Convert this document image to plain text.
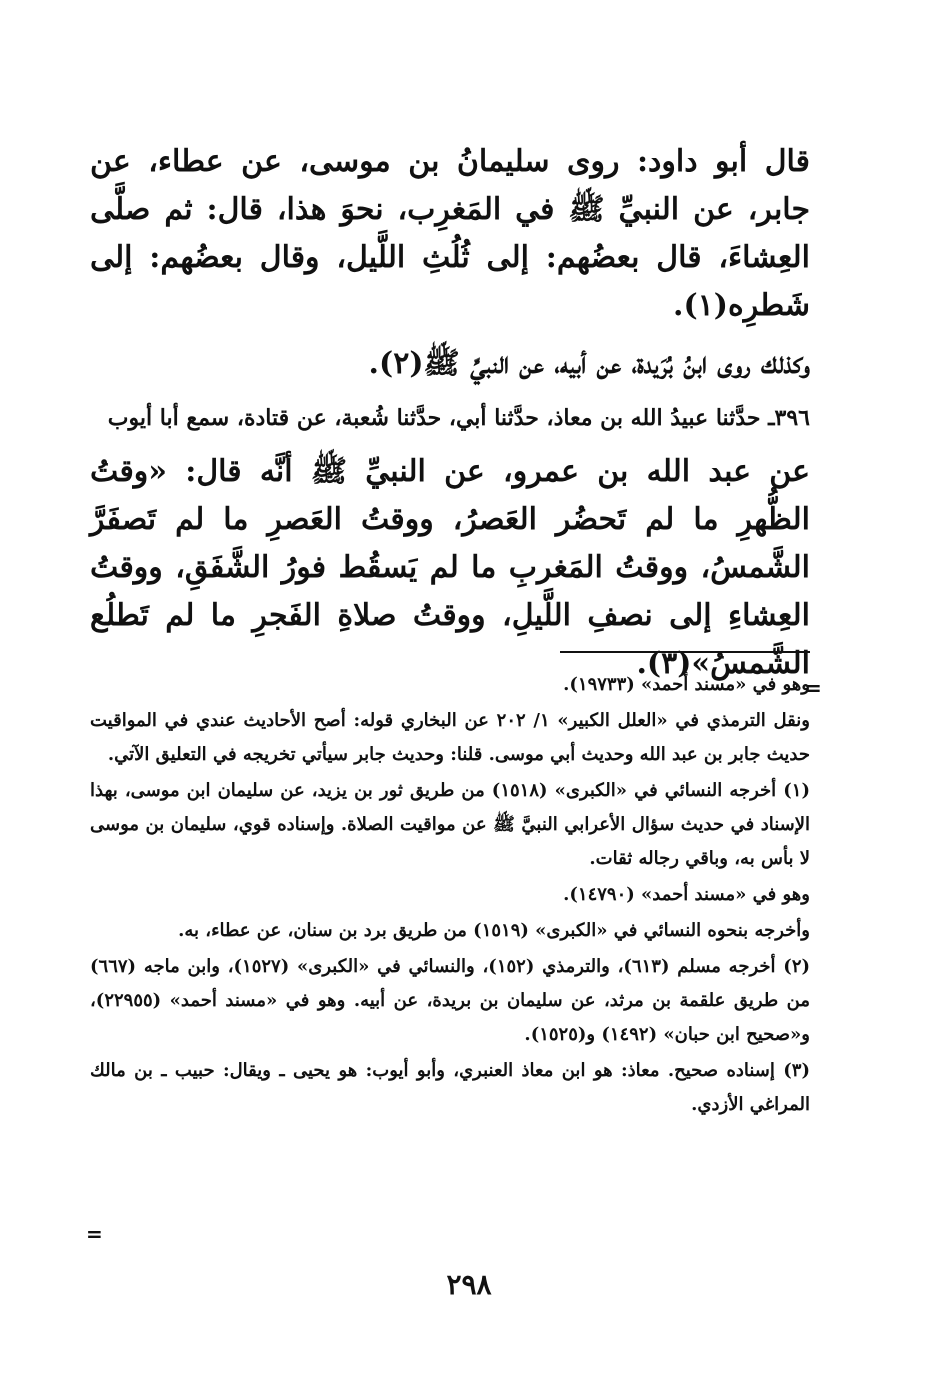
قال أبو داود: روى سليمانُ بن موسى، عن عطاء، عن جابر، عن النبيِّ ﷺ في المَغرِب، نحوَ هذا، قال: ثم صلَّى العِشاءَ، قال بعضُهم: إلى ثُلُثِ اللَّيل، وقال بعضُهم: إلى شَطرِه(١).

وكذلك روى ابنُ بُرَيدة، عن أبيه، عن النبيِّ ﷺ(٢).

٣٩٦ـ حدَّثنا عبيدُ الله بن معاذ، حدَّثنا أبي، حدَّثنا شُعبة، عن قتادة، سمع أبا أيوب

عن عبد الله بن عمرو، عن النبيِّ ﷺ أنَّه قال: «وقتُ الظُّهرِ ما لم تَحضُر العَصرُ، ووقتُ العَصرِ ما لم تَصفَرَّ الشَّمسُ، ووقتُ المَغربِ ما لم يَسقُط فورُ الشَّفَقِ، ووقتُ العِشاءِ إلى نصفِ اللَّيلِ، ووقتُ صلاةِ الفَجرِ ما لم تَطلُع الشَّمسُ»(٣).

=

وهو في «مسند أحمد» (١٩٧٣٣).

ونقل الترمذي في «العلل الكبير» ١/ ٢٠٢ عن البخاري قوله: أصح الأحاديث عندي في المواقيت حديث جابر بن عبد الله وحديث أبي موسى. قلنا: وحديث جابر سيأتي تخريجه في التعليق الآتي.

(١) أخرجه النسائي في «الكبرى» (١٥١٨) من طريق ثور بن يزيد، عن سليمان ابن موسى، بهذا الإسناد في حديث سؤال الأعرابي النبيَّ ﷺ عن مواقيت الصلاة. وإسناده قوي، سليمان بن موسى لا بأس به، وباقي رجاله ثقات.

وهو في «مسند أحمد» (١٤٧٩٠).

وأخرجه بنحوه النسائي في «الكبرى» (١٥١٩) من طريق برد بن سنان، عن عطاء، به.

(٢) أخرجه مسلم (٦١٣)، والترمذي (١٥٢)، والنسائي في «الكبرى» (١٥٢٧)، وابن ماجه (٦٦٧) من طريق علقمة بن مرثد، عن سليمان بن بريدة، عن أبيه. وهو في «مسند أحمد» (٢٢٩٥٥)، و«صحيح ابن حبان» (١٤٩٢) و(١٥٢٥).

(٣) إسناده صحيح. معاذ: هو ابن معاذ العنبري، وأبو أيوب: هو يحيى ـ ويقال: حبيب ـ بن مالك المراغي الأزدي.

=
٢٩٨
